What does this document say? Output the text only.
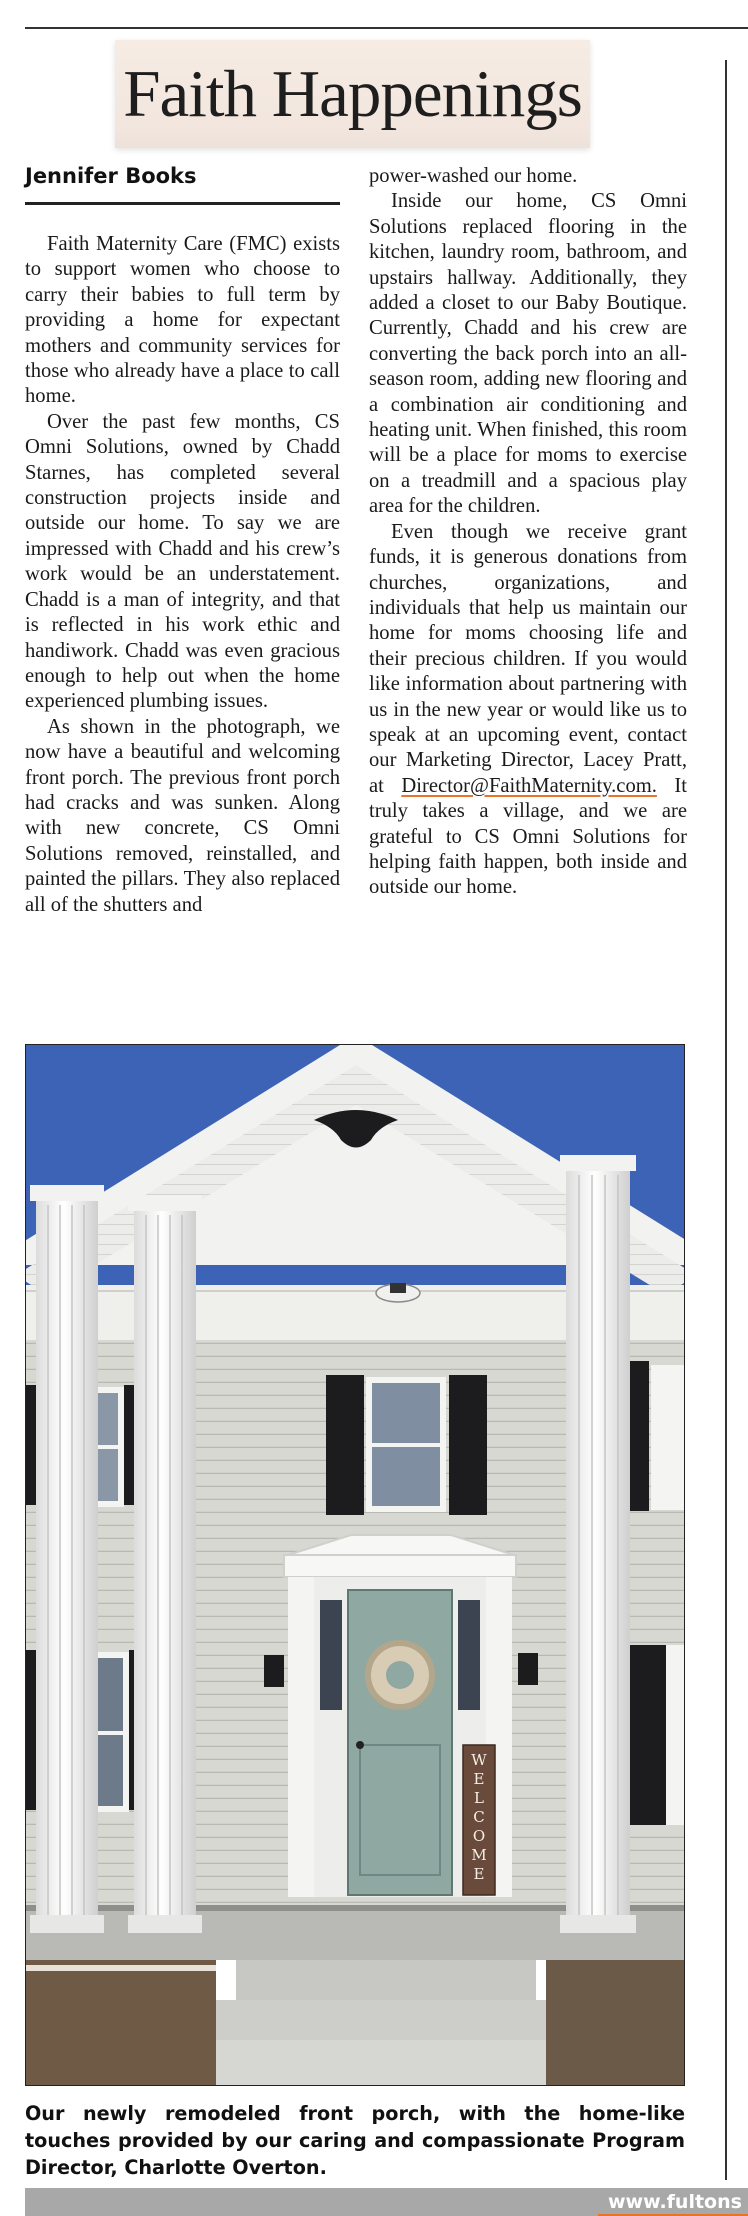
Faith Happenings
Jennifer Books

Faith Maternity Care (FMC) exists to support women who choose to carry their babies to full term by providing a home for expectant mothers and community services for those who already have a place to call home.

Over the past few months, CS Omni Solutions, owned by Chadd Starnes, has completed several construction projects inside and outside our home. To say we are impressed with Chadd and his crew’s work would be an understatement. Chadd is a man of integrity, and that is reflected in his work ethic and handiwork. Chadd was even gracious enough to help out when the home experienced plumbing issues.

As shown in the photograph, we now have a beautiful and welcoming front porch. The previous front porch had cracks and was sunken. Along with new concrete, CS Omni Solutions removed, reinstalled, and painted the pillars. They also replaced all of the shutters and

power-washed our home.

Inside our home, CS Omni Solutions replaced flooring in the kitchen, laundry room, bathroom, and upstairs hallway. Additionally, they added a closet to our Baby Boutique. Currently, Chadd and his crew are converting the back porch into an all-season room, adding new flooring and a combination air conditioning and heating unit. When finished, this room will be a place for moms to exercise on a treadmill and a spacious play area for the children.

Even though we receive grant funds, it is generous donations from churches, organizations, and individuals that help us maintain our home for moms choosing life and their precious children. If you would like information about partnering with us in the new year or would like us to speak at an upcoming event, contact our Marketing Director, Lacey Pratt, at Director@FaithMaternity.com. It truly takes a village, and we are grateful to CS Omni Solutions for helping faith happen, both inside and outside our home.

W
E
L
C
O
M
E
Our newly remodeled front porch, with the home-like touches provided by our caring and compassionate Program Director, Charlotte Overton.
www.fultons
